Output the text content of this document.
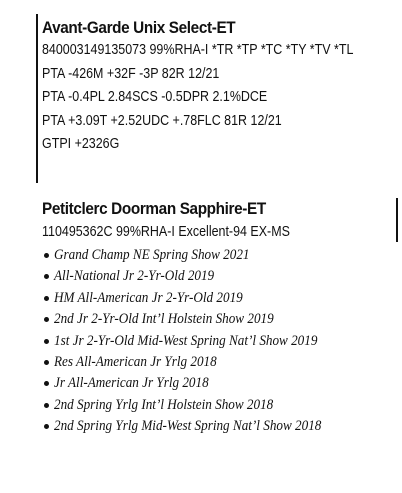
Avant-Garde Unix Select-ET
840003149135073 99%RHA-I *TR *TP *TC *TY *TV *TL
PTA -426M +32F -3P 82R 12/21
PTA -0.4PL 2.84SCS -0.5DPR 2.1%DCE
PTA +3.09T +2.52UDC +.78FLC 81R 12/21
GTPI +2326G
Petitclerc Doorman Sapphire-ET
110495362C 99%RHA-I Excellent-94 EX-MS
Grand Champ NE Spring Show 2021
All-National Jr 2-Yr-Old 2019
HM All-American Jr 2-Yr-Old 2019
2nd Jr 2-Yr-Old Int’l Holstein Show 2019
1st Jr 2-Yr-Old Mid-West Spring Nat’l Show 2019
Res All-American Jr Yrlg 2018
Jr All-American Jr Yrlg 2018
2nd Spring Yrlg Int’l Holstein Show 2018
2nd Spring Yrlg Mid-West Spring Nat’l Show 2018
